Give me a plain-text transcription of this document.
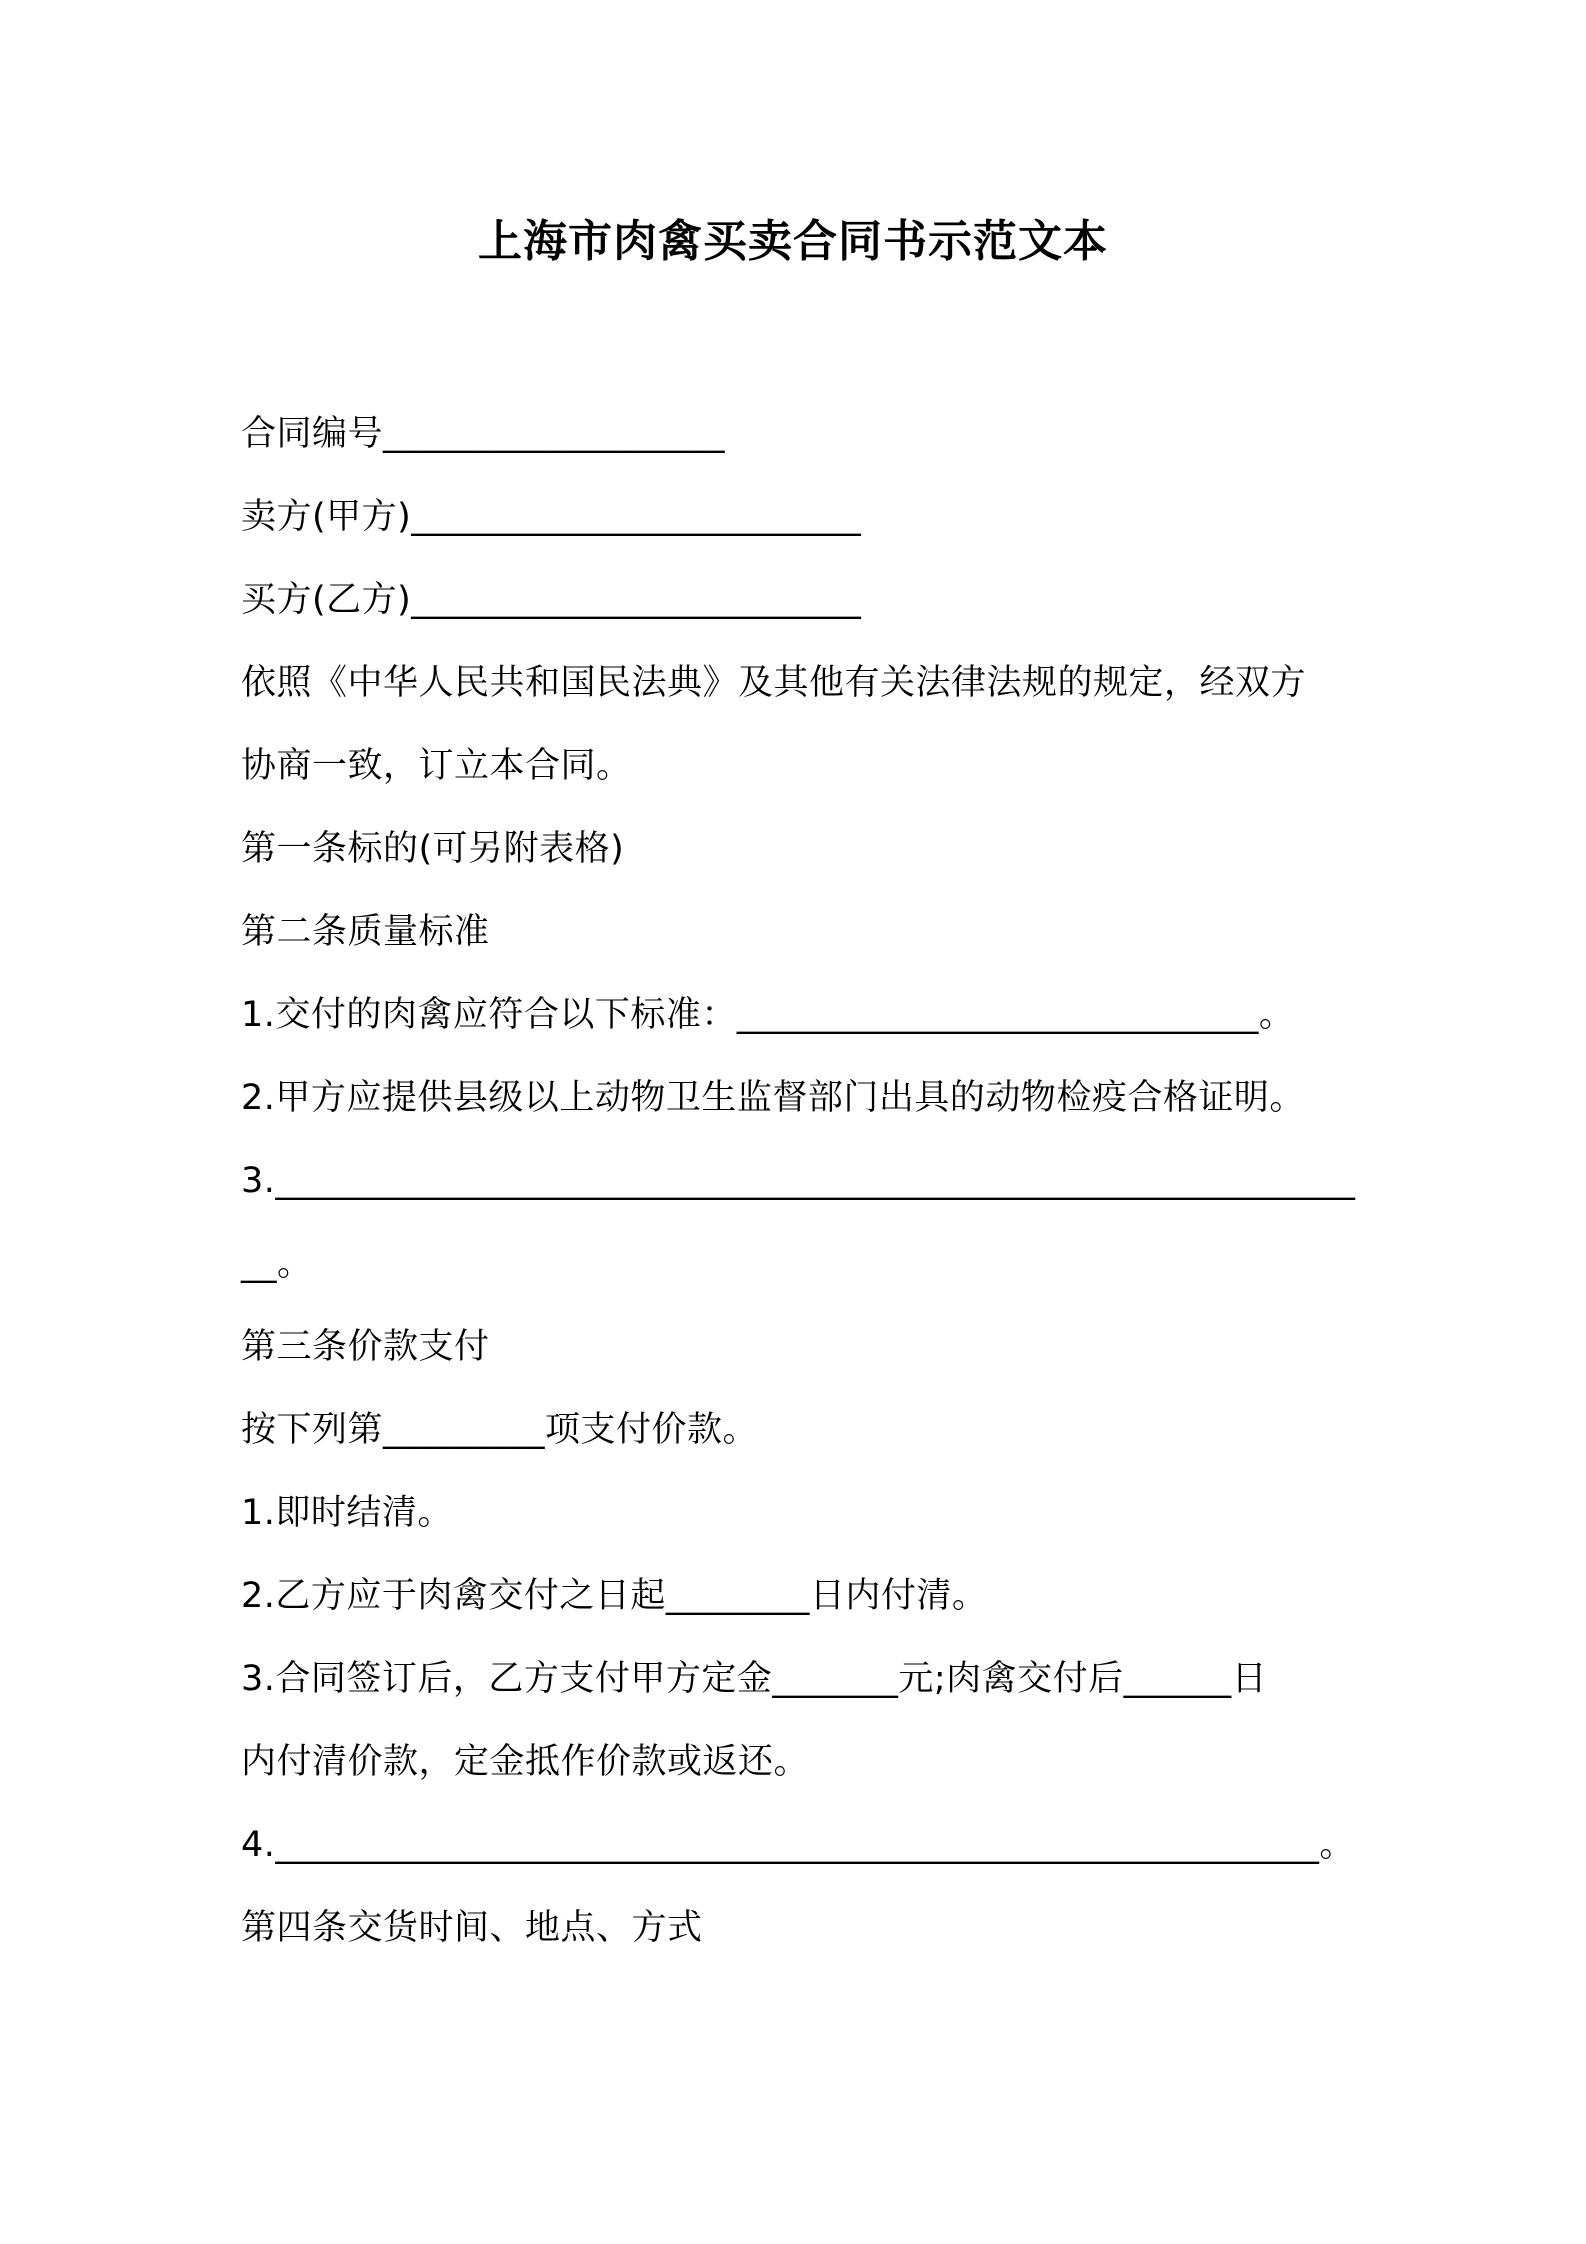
上海市肉禽买卖合同书示范文本
合同编号___________________
卖方(甲方)_________________________
买方(乙方)_________________________
依照《中华人民共和国民法典》及其他有关法律法规的规定，经双方
协商一致，订立本合同。
第一条标的(可另附表格)
第二条质量标准
1.交付的肉禽应符合以下标准：_____________________________。
2.甲方应提供县级以上动物卫生监督部门出具的动物检疫合格证明。
3.____________________________________________________________
__。
第三条价款支付
按下列第_________项支付价款。
1.即时结清。
2.乙方应于肉禽交付之日起________日内付清。
3.合同签订后，乙方支付甲方定金_______元;肉禽交付后______日
内付清价款，定金抵作价款或返还。
4.__________________________________________________________。
第四条交货时间、地点、方式
